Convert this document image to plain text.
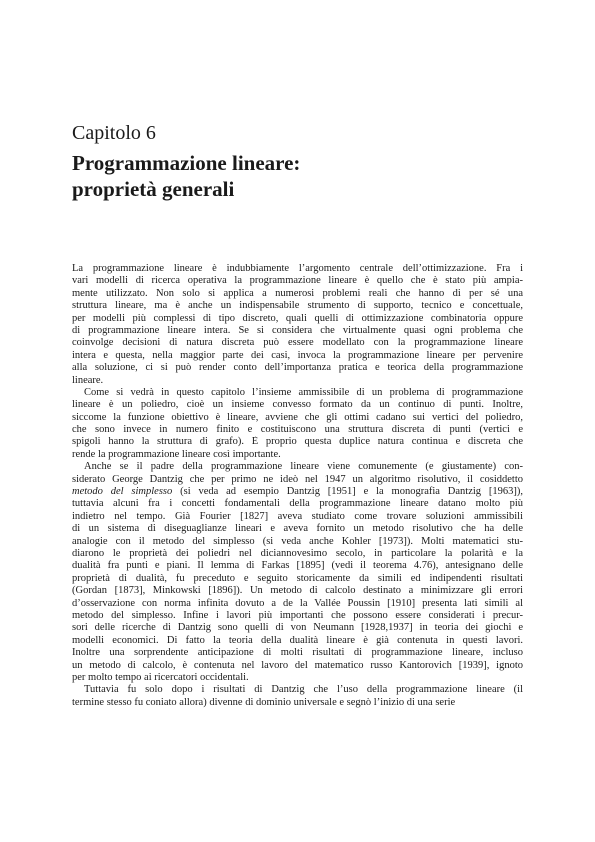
Capitolo 6
Programmazione lineare:
proprietà generali
La programmazione lineare è indubbiamente l’argomento centrale dell’ottimizzazione. Fra i
vari modelli di ricerca operativa la programmazione lineare è quello che è stato più ampia-
mente utilizzato. Non solo si applica a numerosi problemi reali che hanno di per sé una
struttura lineare, ma è anche un indispensabile strumento di supporto, tecnico e concettuale,
per modelli più complessi di tipo discreto, quali quelli di ottimizzazione combinatoria oppure
di programmazione lineare intera. Se si considera che virtualmente quasi ogni problema che
coinvolge decisioni di natura discreta può essere modellato con la programmazione lineare
intera e questa, nella maggior parte dei casi, invoca la programmazione lineare per pervenire
alla soluzione, ci si può render conto dell’importanza pratica e teorica della programmazione
lineare.
Come si vedrà in questo capitolo l’insieme ammissibile di un problema di programmazione
lineare è un poliedro, cioè un insieme convesso formato da un continuo di punti. Inoltre,
siccome la funzione obiettivo è lineare, avviene che gli ottimi cadano sui vertici del poliedro,
che sono invece in numero finito e costituiscono una struttura discreta di punti (vertici e
spigoli hanno la struttura di grafo). È proprio questa duplice natura continua e discreta che
rende la programmazione lineare così importante.
Anche se il padre della programmazione lineare viene comunemente (e giustamente) con-
siderato George Dantzig che per primo ne ideò nel 1947 un algoritmo risolutivo, il cosiddetto
metodo del simplesso (si veda ad esempio Dantzig [1951] e la monografia Dantzig [1963]),
tuttavia alcuni fra i concetti fondamentali della programmazione lineare datano molto più
indietro nel tempo. Già Fourier [1827] aveva studiato come trovare soluzioni ammissibili
di un sistema di diseguaglianze lineari e aveva fornito un metodo risolutivo che ha delle
analogie con il metodo del simplesso (si veda anche Kohler [1973]). Molti matematici stu-
diarono le proprietà dei poliedri nel diciannovesimo secolo, in particolare la polarità e la
dualità fra punti e piani. Il lemma di Farkas [1895] (vedi il teorema 4.76), antesignano delle
proprietà di dualità, fu preceduto e seguito storicamente da simili ed indipendenti risultati
(Gordan [1873], Minkowski [1896]). Un metodo di calcolo destinato a minimizzare gli errori
d’osservazione con norma infinita dovuto a de la Vallée Poussin [1910] presenta lati simili al
metodo del simplesso. Infine i lavori più importanti che possono essere considerati i precur-
sori delle ricerche di Dantzig sono quelli di von Neumann [1928,1937] in teoria dei giochi e
modelli economici. Di fatto la teoria della dualità lineare è già contenuta in questi lavori.
Inoltre una sorprendente anticipazione di molti risultati di programmazione lineare, incluso
un metodo di calcolo, è contenuta nel lavoro del matematico russo Kantorovich [1939], ignoto
per molto tempo ai ricercatori occidentali.
Tuttavia fu solo dopo i risultati di Dantzig che l’uso della programmazione lineare (il
termine stesso fu coniato allora) divenne di dominio universale e segnò l’inizio di una serie
